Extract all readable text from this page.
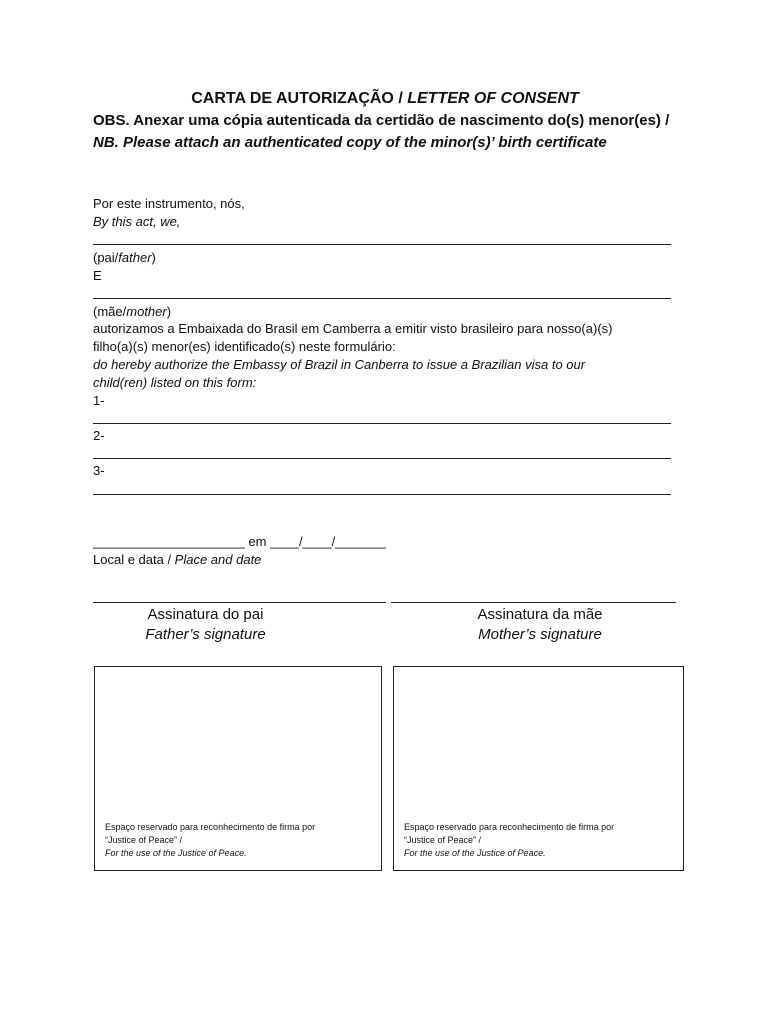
CARTA DE AUTORIZAÇÃO / LETTER OF CONSENT
OBS. Anexar uma cópia autenticada da certidão de nascimento do(s) menor(es) / NB. Please attach an authenticated copy of the minor(s)’ birth certificate
Por este instrumento, nós,
By this act, we,
(pai/father)
E
(mãe/mother)
autorizamos a Embaixada do Brasil em Camberra a emitir visto brasileiro para nosso(a)(s)
filho(a)(s) menor(es) identificado(s) neste formulário:
do hereby authorize the Embassy of Brazil in Canberra to issue a Brazilian visa to our
child(ren) listed on this form:
1-
2-
3-
_____________________ em ____/____/_______
Local e data / Place and date
Assinatura do pai
Father’s signature
Assinatura da mãe
Mother’s signature
Espaço reservado para reconhecimento de firma por
“Justice of Peace” /
For the use of the Justice of Peace.
Espaço reservado para reconhecimento de firma por
“Justice of Peace” /
For the use of the Justice of Peace.
